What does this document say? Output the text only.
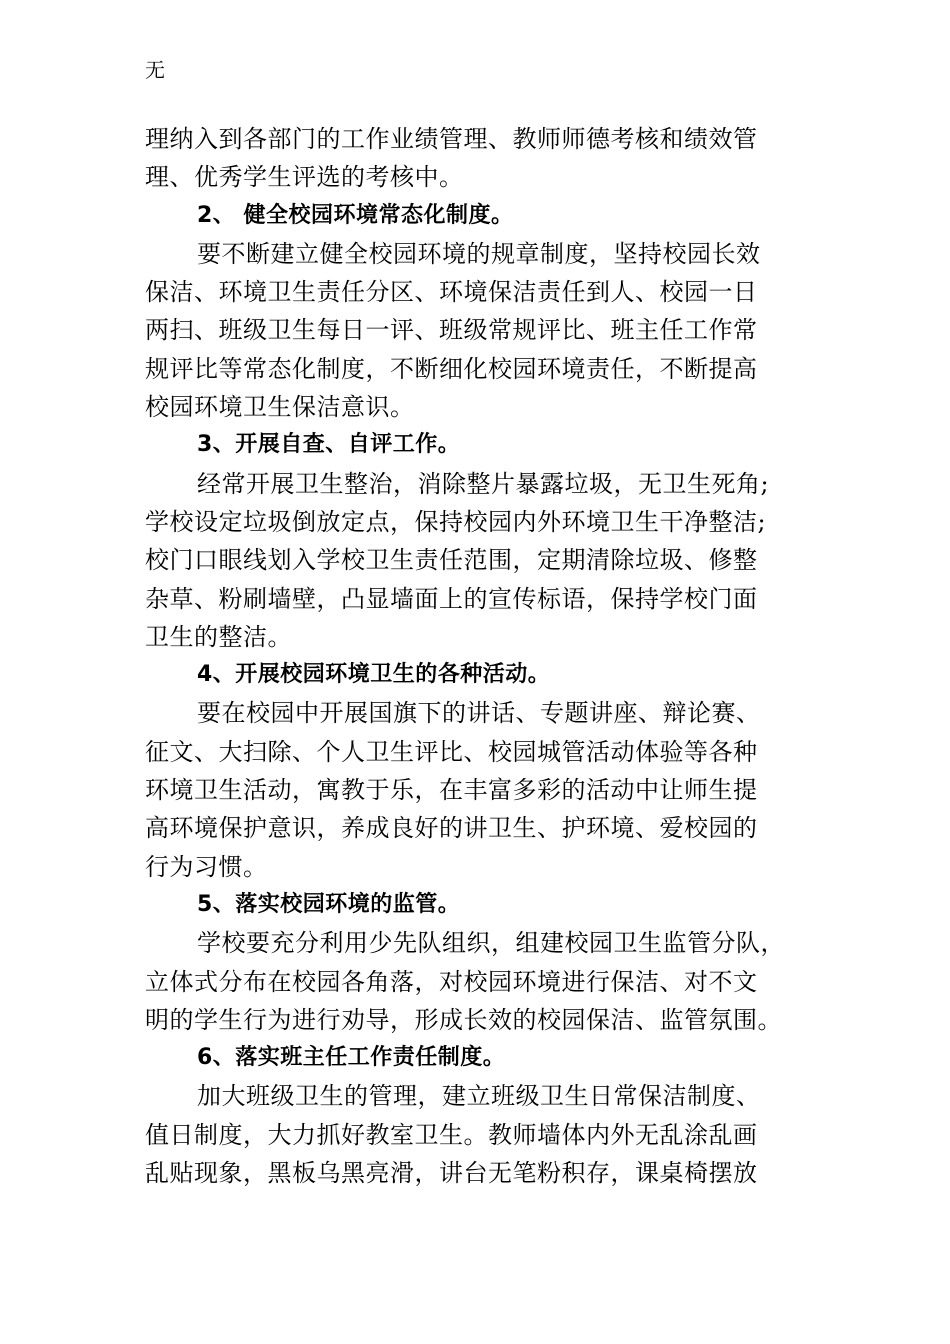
无
理纳入到各部门的工作业绩管理、教师师德考核和绩效管
理、优秀学生评选的考核中。
2、 健全校园环境常态化制度。
要不断建立健全校园环境的规章制度，坚持校园长效
保洁、环境卫生责任分区、环境保洁责任到人、校园一日
两扫、班级卫生每日一评、班级常规评比、班主任工作常
规评比等常态化制度，不断细化校园环境责任，不断提高
校园环境卫生保洁意识。
3、开展自查、自评工作。
经常开展卫生整治，消除整片暴露垃圾，无卫生死角;
学校设定垃圾倒放定点，保持校园内外环境卫生干净整洁;
校门口眼线划入学校卫生责任范围，定期清除垃圾、修整
杂草、粉刷墙壁，凸显墙面上的宣传标语，保持学校门面
卫生的整洁。
4、开展校园环境卫生的各种活动。
要在校园中开展国旗下的讲话、专题讲座、辩论赛、
征文、大扫除、个人卫生评比、校园城管活动体验等各种
环境卫生活动，寓教于乐，在丰富多彩的活动中让师生提
高环境保护意识，养成良好的讲卫生、护环境、爱校园的
行为习惯。
5、落实校园环境的监管。
学校要充分利用少先队组织，组建校园卫生监管分队，
立体式分布在校园各角落，对校园环境进行保洁、对不文
明的学生行为进行劝导，形成长效的校园保洁、监管氛围。
6、落实班主任工作责任制度。
加大班级卫生的管理，建立班级卫生日常保洁制度、
值日制度，大力抓好教室卫生。教师墙体内外无乱涂乱画
乱贴现象，黑板乌黑亮滑，讲台无笔粉积存，课桌椅摆放
